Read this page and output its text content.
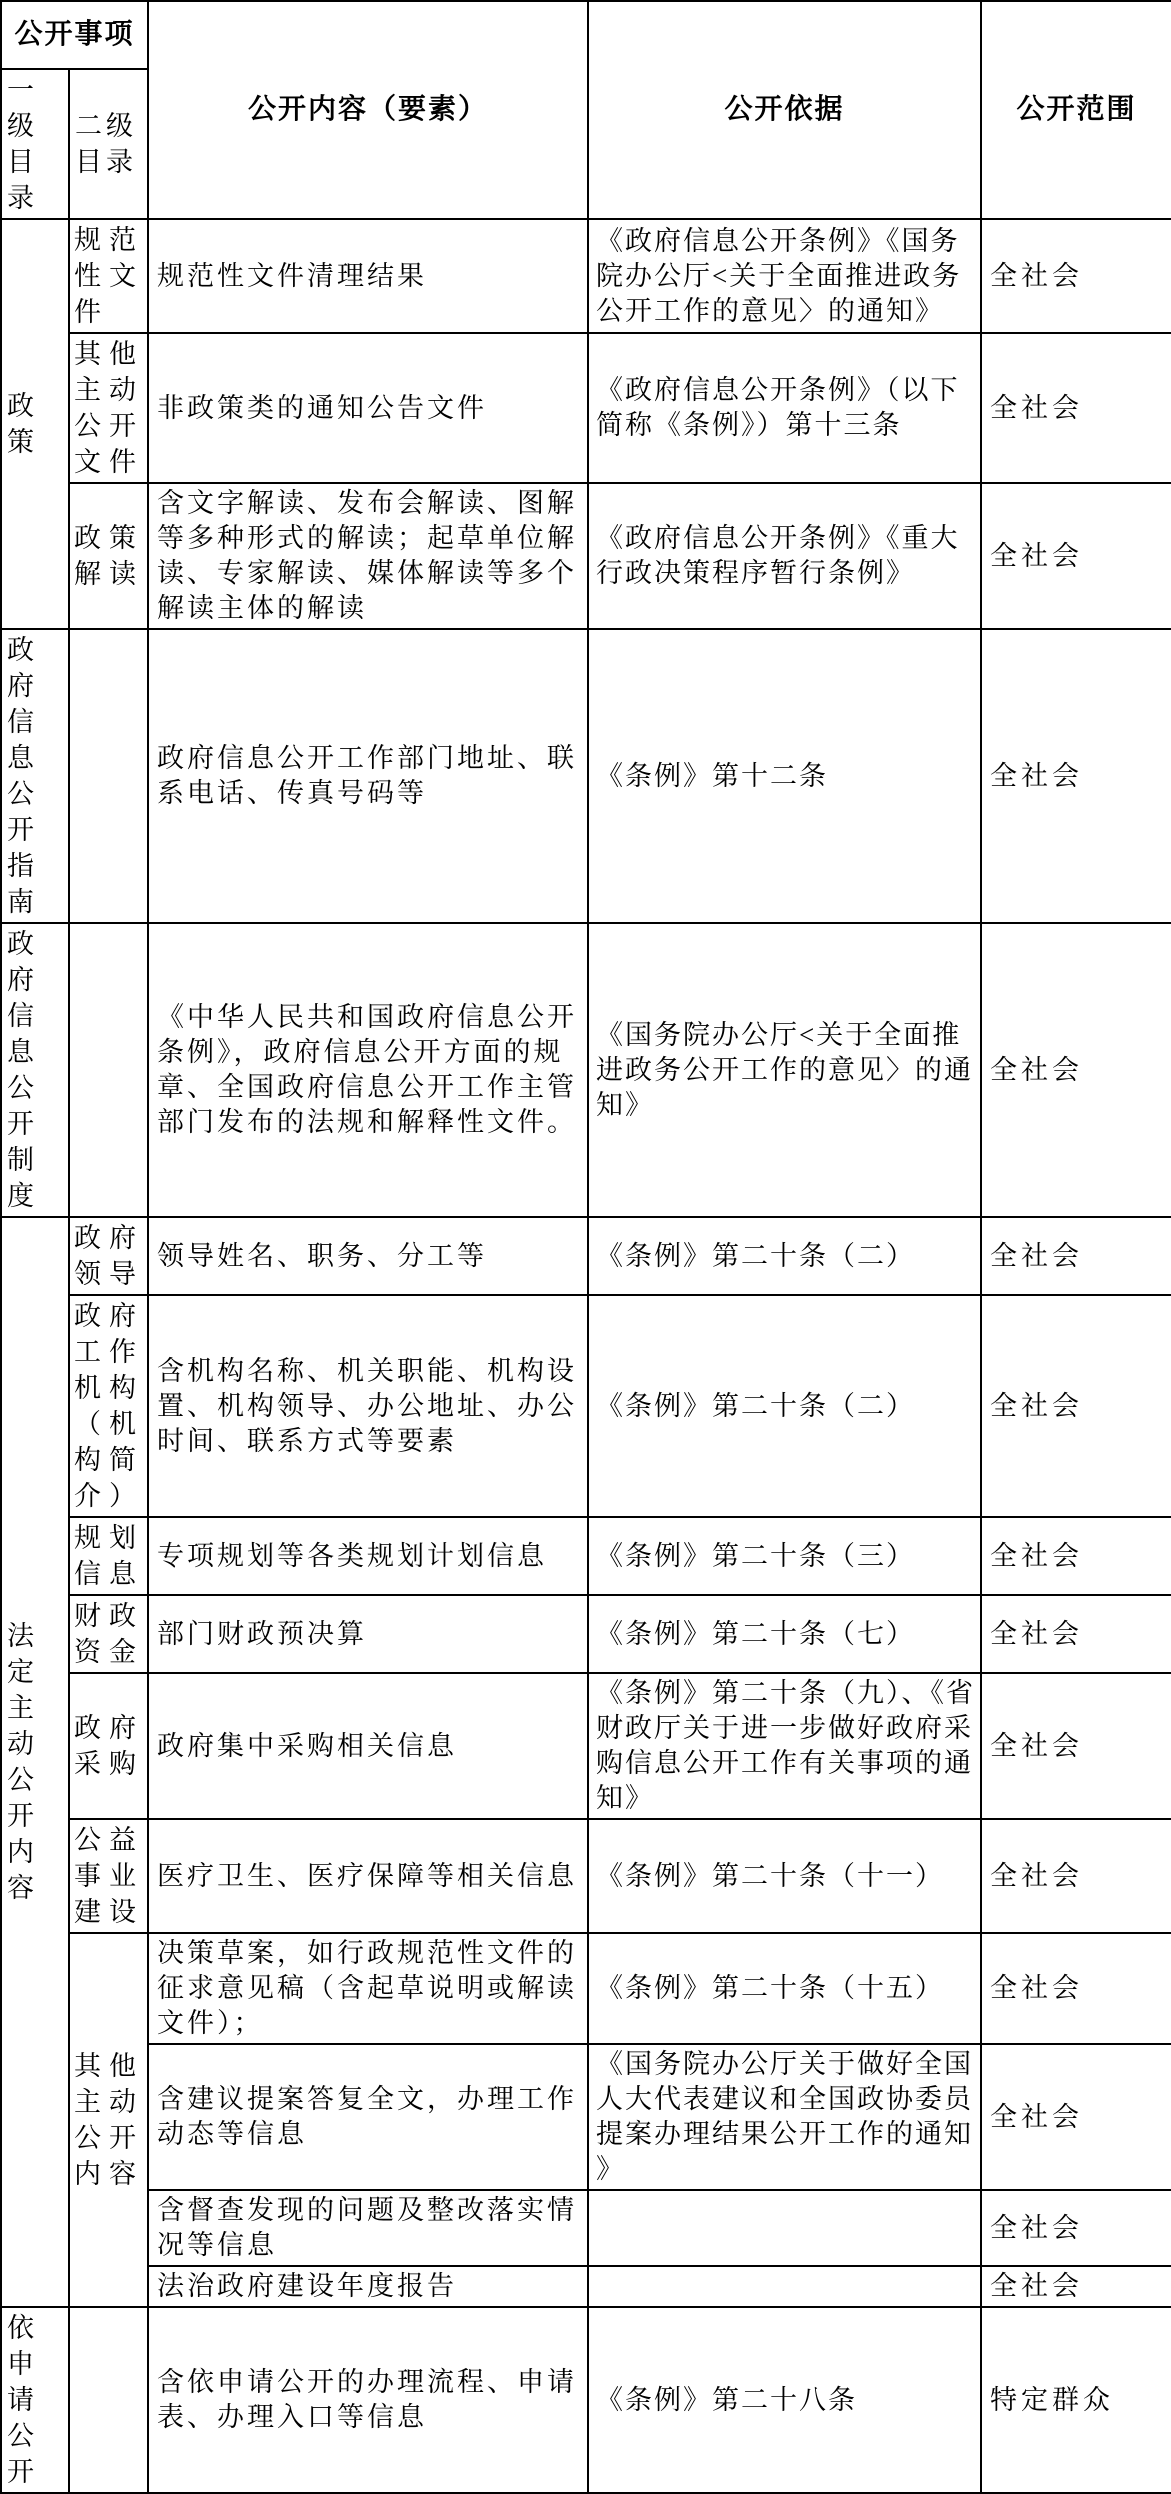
公开事项		公开内容（要素）	公开依据	公开范围
一级目录	二级目录			
政策	规范性文件	规范性文件清理结果	《政府信息公开条例》《国务院办公厅<关于全面推进政务公开工作的意见〉的通知》	全社会
	其他主动公开文件	非政策类的通知公告文件	《政府信息公开条例》（以下简称《条例》）第十三条	全社会
	政策解读	含文字解读、发布会解读、图解等多种形式的解读；起草单位解读、专家解读、媒体解读等多个解读主体的解读	《政府信息公开条例》《重大行政决策程序暂行条例》	全社会
政府信息公开指南		政府信息公开工作部门地址、联系电话、传真号码等	《条例》第十二条	全社会
政府信息公开制度		《中华人民共和国政府信息公开条例》，政府信息公开方面的规章、全国政府信息公开工作主管部门发布的法规和解释性文件。	《国务院办公厅<关于全面推进政务公开工作的意见〉的通知》	全社会
法定主动公开内容	政府领导	领导姓名、职务、分工等	《条例》第二十条（二）	全社会
	政府工作机构（机构简介）	含机构名称、机关职能、机构设置、机构领导、办公地址、办公时间、联系方式等要素	《条例》第二十条（二）	全社会
	规划信息	专项规划等各类规划计划信息	《条例》第二十条（三）	全社会
	财政资金	部门财政预决算	《条例》第二十条（七）	全社会
	政府采购	政府集中采购相关信息	《条例》第二十条（九）、《省财政厅关于进一步做好政府采购信息公开工作有关事项的通知》	全社会
	公益事业建设	医疗卫生、医疗保障等相关信息	《条例》第二十条（十一）	全社会
	其他主动公开内容	决策草案，如行政规范性文件的征求意见稿（含起草说明或解读文件）；	《条例》第二十条（十五）	全社会
		含建议提案答复全文，办理工作动态等信息	《国务院办公厅关于做好全国人大代表建议和全国政协委员提案办理结果公开工作的通知》	全社会
		含督查发现的问题及整改落实情况等信息		全社会
		法治政府建设年度报告		全社会
依申请公开		含依申请公开的办理流程、申请表、办理入口等信息	《条例》第二十八条	特定群众
